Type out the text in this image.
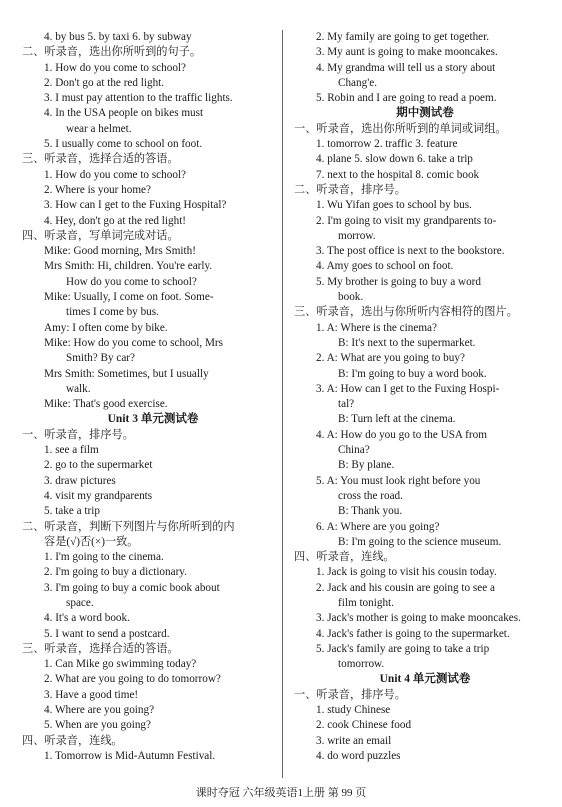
4. by bus 5. by taxi 6. by subway
二、听录音，选出你所听到的句子。
1. How do you come to school?
2. Don't go at the red light.
3. I must pay attention to the traffic lights.
4. In the USA people on bikes must
wear a helmet.
5. I usually come to school on foot.
三、听录音，选择合适的答语。
1. How do you come to school?
2. Where is your home?
3. How can I get to the Fuxing Hospital?
4. Hey, don't go at the red light!
四、听录音，写单词完成对话。
Mike: Good morning, Mrs Smith!
Mrs Smith: Hi, children. You're early.
How do you come to school?
Mike: Usually, I come on foot. Some-
times I come by bus.
Amy: I often come by bike.
Mike: How do you come to school, Mrs
Smith? By car?
Mrs Smith: Sometimes, but I usually
walk.
Mike: That's good exercise.
Unit 3 单元测试卷
一、听录音，排序号。
1. see a film
2. go to the supermarket
3. draw pictures
4. visit my grandparents
5. take a trip
二、听录音，判断下列图片与你所听到的内
容是(√)否(×)一致。
1. I'm going to the cinema.
2. I'm going to buy a dictionary.
3. I'm going to buy a comic book about
space.
4. It's a word book.
5. I want to send a postcard.
三、听录音，选择合适的答语。
1. Can Mike go swimming today?
2. What are you going to do tomorrow?
3. Have a good time!
4. Where are you going?
5. When are you going?
四、听录音，连线。
1. Tomorrow is Mid-Autumn Festival.
2. My family are going to get together.
3. My aunt is going to make mooncakes.
4. My grandma will tell us a story about
Chang'e.
5. Robin and I are going to read a poem.
期中测试卷
一、听录音，选出你所听到的单词或词组。
1. tomorrow 2. traffic 3. feature
4. plane 5. slow down 6. take a trip
7. next to the hospital 8. comic book
二、听录音，排序号。
1. Wu Yifan goes to school by bus.
2. I'm going to visit my grandparents to-
morrow.
3. The post office is next to the bookstore.
4. Amy goes to school on foot.
5. My brother is going to buy a word
book.
三、听录音，选出与你所听内容相符的图片。
1. A: Where is the cinema?
B: It's next to the supermarket.
2. A: What are you going to buy?
B: I'm going to buy a word book.
3. A: How can I get to the Fuxing Hospi-
tal?
B: Turn left at the cinema.
4. A: How do you go to the USA from
China?
B: By plane.
5. A: You must look right before you
cross the road.
B: Thank you.
6. A: Where are you going?
B: I'm going to the science museum.
四、听录音，连线。
1. Jack is going to visit his cousin today.
2. Jack and his cousin are going to see a
film tonight.
3. Jack's mother is going to make mooncakes.
4. Jack's father is going to the supermarket.
5. Jack's family are going to take a trip
tomorrow.
Unit 4 单元测试卷
一、听录音，排序号。
1. study Chinese
2. cook Chinese food
3. write an email
4. do word puzzles
课时夺冠 六年级英语1上册 第 99 页
